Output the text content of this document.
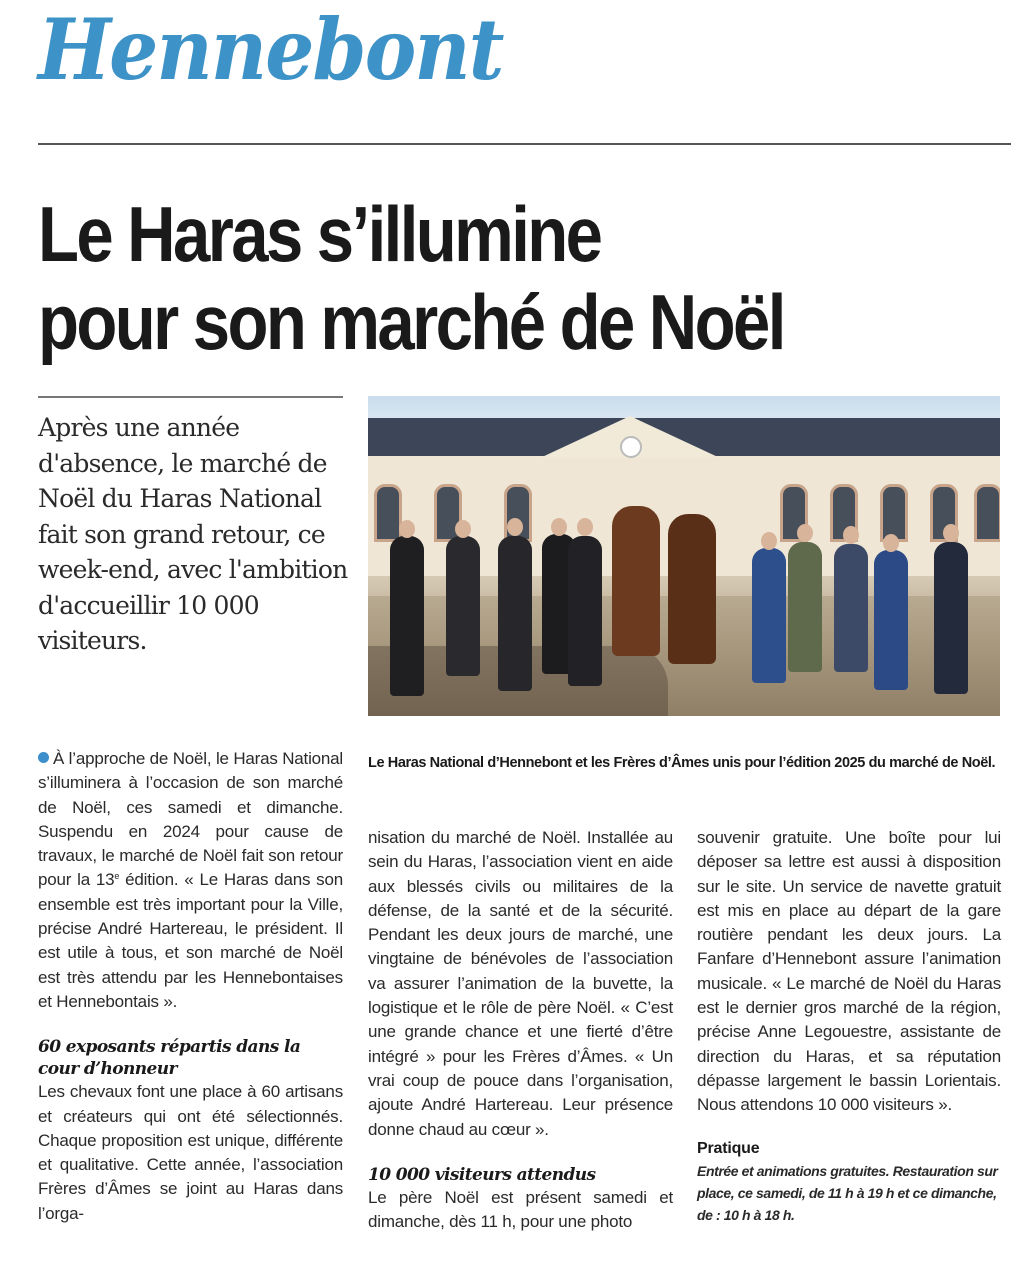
Hennebont
Le Haras s’illumine
pour son marché de Noël
Après une année d'absence, le marché de Noël du Haras National fait son grand retour, ce week-end, avec l'ambition d'accueillir 10 000 visiteurs.
Le Haras National d’Hennebont et les Frères d’Âmes unis pour l’édition 2025 du marché de Noël.

À l’approche de Noël, le Haras National s’illuminera à l’occasion de son marché de Noël, ces samedi et dimanche. Suspendu en 2024 pour cause de travaux, le marché de Noël fait son retour pour la 13e édition. « Le Haras dans son ensemble est très important pour la Ville, précise André Hartereau, le président. Il est utile à tous, et son marché de Noël est très attendu par les Hennebontaises et Hennebontais ».

60 exposants répartis dans la cour d’honneur

Les chevaux font une place à 60 artisans et créateurs qui ont été sélectionnés. Chaque proposition est unique, différente et qualitative. Cette année, l’association Frères d’Âmes se joint au Haras dans l’orga-

nisation du marché de Noël. Installée au sein du Haras, l’association vient en aide aux blessés civils ou militaires de la défense, de la santé et de la sécurité. Pendant les deux jours de marché, une vingtaine de bénévoles de l’association va assurer l’animation de la buvette, la logistique et le rôle de père Noël. « C’est une grande chance et une fierté d’être intégré » pour les Frères d’Âmes. « Un vrai coup de pouce dans l’organisation, ajoute André Hartereau. Leur présence donne chaud au cœur ».

10 000 visiteurs attendus

Le père Noël est présent samedi et dimanche, dès 11 h, pour une photo

souvenir gratuite. Une boîte pour lui déposer sa lettre est aussi à disposition sur le site. Un service de navette gratuit est mis en place au départ de la gare routière pendant les deux jours. La Fanfare d’Hennebont assure l’animation musicale. « Le marché de Noël du Haras est le dernier gros marché de la région, précise Anne Legouestre, assistante de direction du Haras, et sa réputation dépasse largement le bassin Lorientais. Nous attendons 10 000 visiteurs ».

Pratique
Entrée et animations gratuites. Restauration sur place, ce samedi, de 11 h à 19 h et ce dimanche, de : 10 h à 18 h.
